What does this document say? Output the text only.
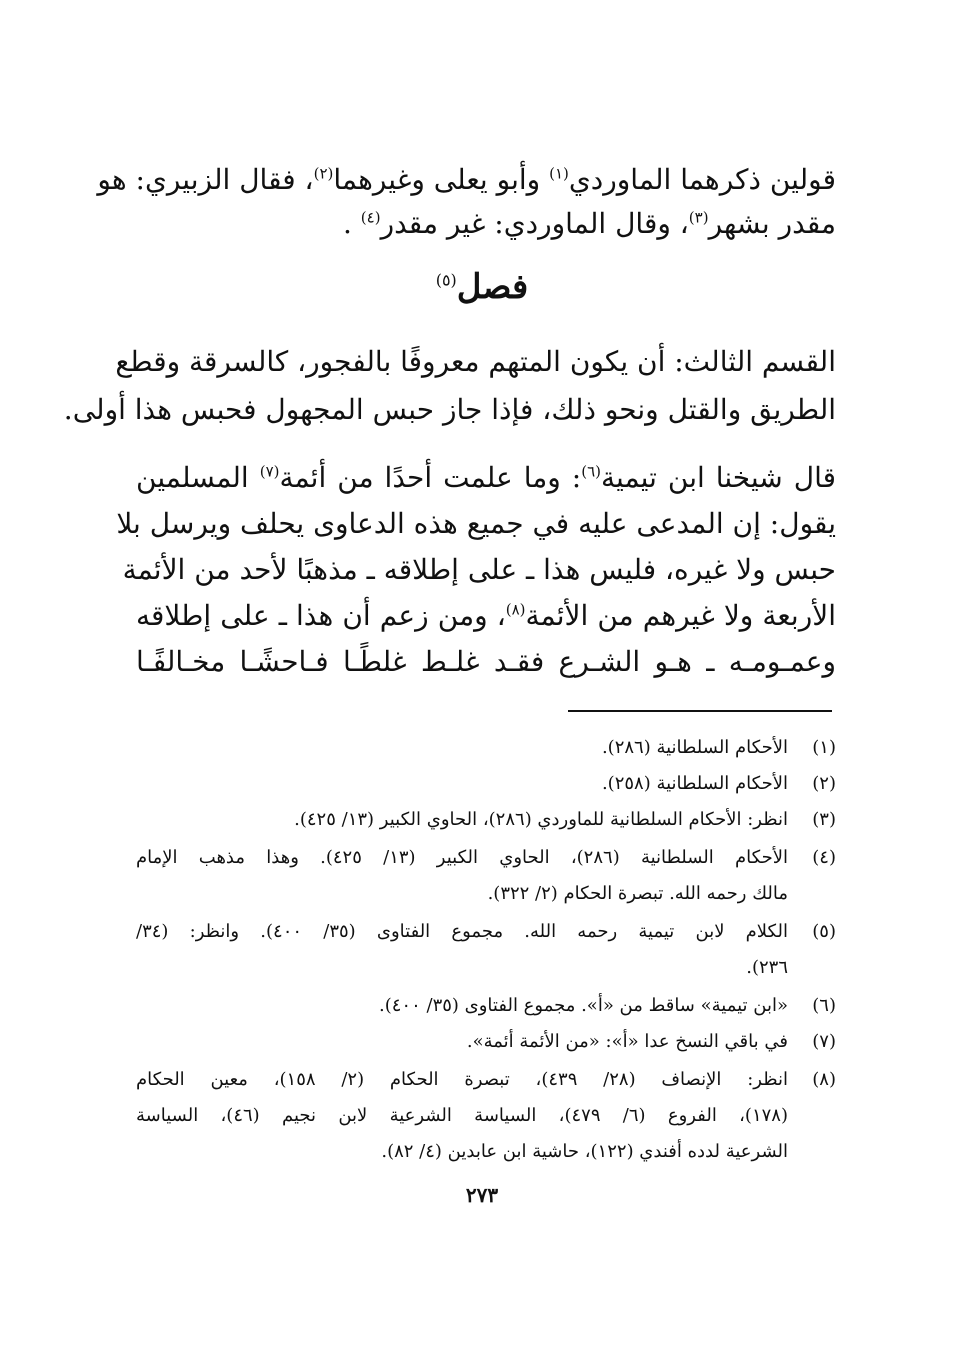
قولين ذكرهما الماوردي$^{(١)}$ وأبو يعلى وغيرهما$^{(٢)}$، فقال الزبيري: هو
مقدر بشهر$^{(٣)}$، وقال الماوردي: غير مقدر$^{(٤)}$ .
فصل$^{(٥)}$
القسم الثالث: أن يكون المتهم معروفًا بالفجور، كالسرقة وقطع
الطريق والقتل ونحو ذلك، فإذا جاز حبس المجهول فحبس هذا أولى.
قال شيخنا ابن تيمية$^{(٦)}$: وما علمت أحدًا من أئمة$^{(٧)}$ المسلمين
يقول: إن المدعى عليه في جميع هذه الدعاوى يحلف ويرسل بلا
حبس ولا غيره، فليس هذا ـ على إطلاقه ـ مذهبًا لأحد من الأئمة
الأربعة ولا غيرهم من الأئمة$^{(٨)}$، ومن زعم أن هذا ـ على إطلاقه
وعمـومـه ـ هـو الشـرع فقـد غلـط غلطًـا فـاحشًـا مخـالفًـا
(١)
الأحكام السلطانية (٢٨٦).
(٢)
الأحكام السلطانية (٢٥٨).
(٣)
انظر: الأحكام السلطانية للماوردي (٢٨٦)، الحاوي الكبير (١٣/ ٤٢٥).
(٤)
الأحكام السلطانية (٢٨٦)، الحاوي الكبير (١٣/ ٤٢٥). وهذا مذهب الإمام
مالك رحمه الله. تبصرة الحكام (٢/ ٣٢٢).
(٥)
الكلام لابن تيمية رحمه الله. مجموع الفتاوى (٣٥/ ٤٠٠). وانظر: (٣٤/
٢٣٦).
(٦)
«ابن تيمية» ساقط من «أ». مجموع الفتاوى (٣٥/ ٤٠٠).
(٧)
في باقي النسخ عدا «أ»: «من الأئمة أئمة».
(٨)
انظر: الإنصاف (٢٨/ ٤٣٩)، تبصرة الحكام (٢/ ١٥٨)، معين الحكام
(١٧٨)، الفروع (٦/ ٤٧٩)، السياسة الشرعية لابن نجيم (٤٦)، السياسة
الشرعية لدده أفندي (١٢٢)، حاشية ابن عابدين (٤/ ٨٢).
٢٧٣
